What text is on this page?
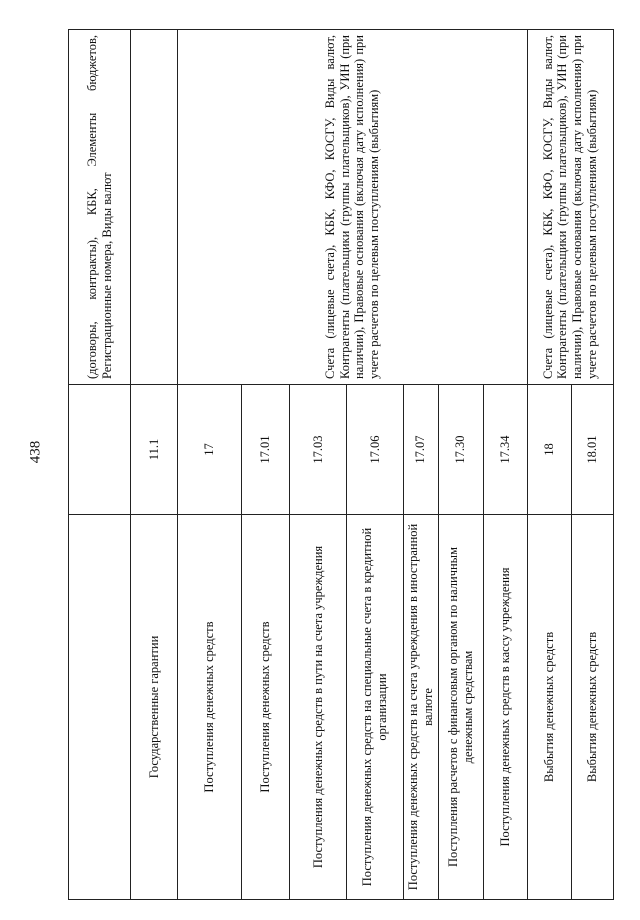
438
		(договоры, контракты), КБК, Элементы бюджетов, Регистрационные номера, Виды валют
Государственные гарантии	11.1	
Поступления денежных средств	17	Счета (лицевые счета), КБК, КФО, КОСГУ, Виды валют, Контрагенты (плательщики (группы плательщиков), УИН (при наличии), Правовые основания (включая дату исполнения) при учете расчетов по целевым поступлениям (выбытиям)
Поступления денежных средств	17.01	
Поступления денежных средств в пути на счета учреждения	17.03	
Поступления денежных средств на специальные счета в кредитной организации	17.06	
Поступления денежных средств на счета учреждения в иностранной валюте	17.07	
Поступления расчетов с финансовым органом по наличным денежным средствам	17.30	
Поступления денежных средств в кассу учреждения	17.34	
Выбытия денежных средств	18	Счета (лицевые счета), КБК, КФО, КОСГУ, Виды валют, Контрагенты (плательщики (группы плательщиков), УИН (при наличии), Правовые основания (включая дату исполнения) при учете расчетов по целевым поступлениям (выбытиям)
Выбытия денежных средств	18.01	
